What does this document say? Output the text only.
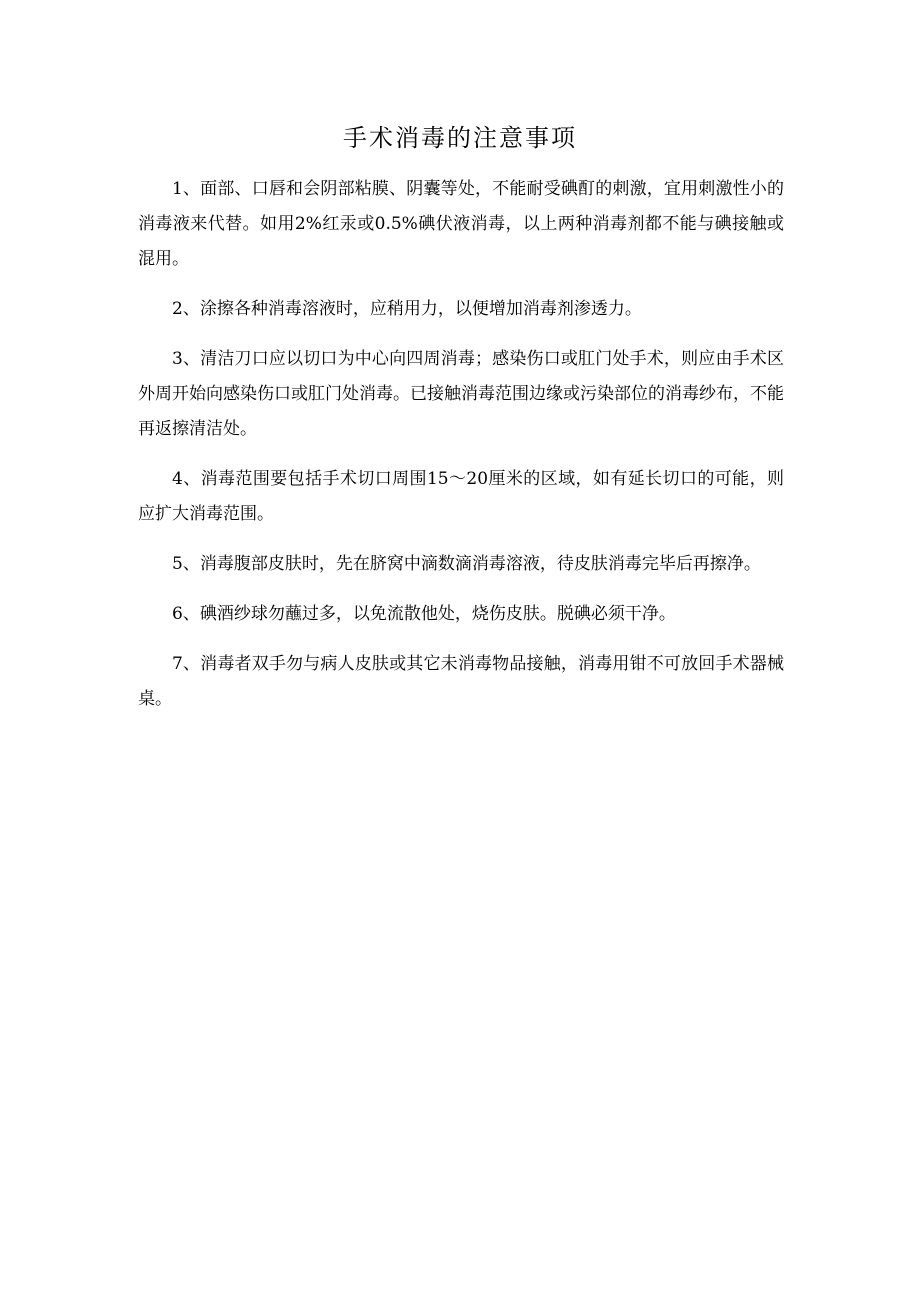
手术消毒的注意事项

1、面部、口唇和会阴部粘膜、阴囊等处，不能耐受碘酊的刺激，宜用刺激性小的消毒液来代替。如用2%红汞或0.5%碘伏液消毒，以上两种消毒剂都不能与碘接触或混用。

2、涂擦各种消毒溶液时，应稍用力，以便增加消毒剂渗透力。

3、清洁刀口应以切口为中心向四周消毒；感染伤口或肛门处手术，则应由手术区外周开始向感染伤口或肛门处消毒。已接触消毒范围边缘或污染部位的消毒纱布，不能再返擦清洁处。

4、消毒范围要包括手术切口周围15～20厘米的区域，如有延长切口的可能，则应扩大消毒范围。

5、消毒腹部皮肤时，先在脐窝中滴数滴消毒溶液，待皮肤消毒完毕后再擦净。

6、碘酒纱球勿蘸过多，以免流散他处，烧伤皮肤。脱碘必须干净。

7、消毒者双手勿与病人皮肤或其它未消毒物品接触，消毒用钳不可放回手术器械桌。
